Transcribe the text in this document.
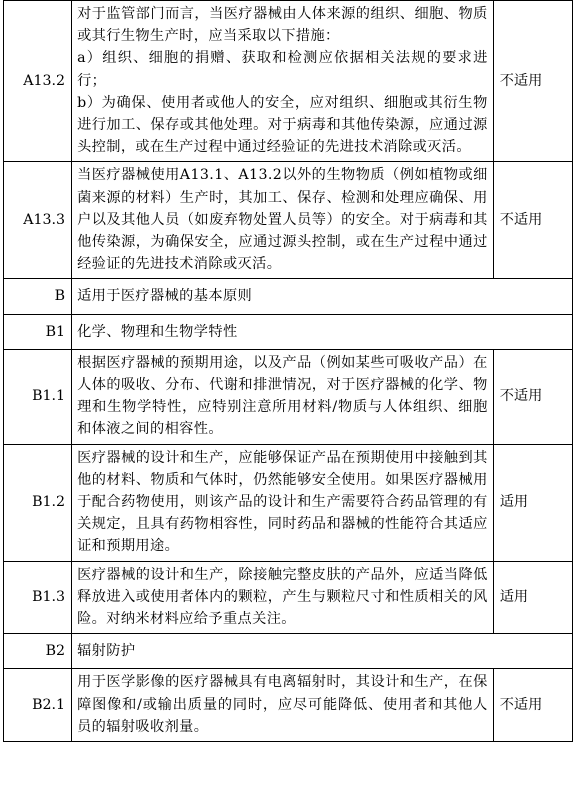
A13.2	对于监管部门而言，当医疗器械由人体来源的组织、细胞、物质或其行生物生产时，应当采取以下措施：
a）组织、细胞的捐赠、获取和检测应依据相关法规的要求进行；
b）为确保、使用者或他人的安全，应对组织、细胞或其衍生物进行加工、保存或其他处理。对于病毒和其他传染源，应通过源头控制，或在生产过程中通过经验证的先进技术消除或灭活。	不适用
A13.3	当医疗器械使用A13.1、A13.2以外的生物物质（例如植物或细菌来源的材料）生产时，其加工、保存、检测和处理应确保、用户以及其他人员（如废弃物处置人员等）的安全。对于病毒和其他传染源，为确保安全，应通过源头控制，或在生产过程中通过经验证的先进技术消除或灭活。	不适用
B	适用于医疗器械的基本原则	

B1	化学、物理和生物学特性	

B1.1	根据医疗器械的预期用途，以及产品（例如某些可吸收产品）在人体的吸收、分布、代谢和排泄情况，对于医疗器械的化学、物理和生物学特性，应特别注意所用材料/物质与人体组织、细胞和体液之间的相容性。	不适用
B1.2	医疗器械的设计和生产，应能够保证产品在预期使用中接触到其他的材料、物质和气体时，仍然能够安全使用。如果医疗器械用于配合药物使用，则该产品的设计和生产需要符合药品管理的有关规定，且具有药物相容性，同时药品和器械的性能符合其适应证和预期用途。	适用
B1.3	医疗器械的设计和生产，除接触完整皮肤的产品外，应适当降低释放进入或使用者体内的颗粒，产生与颗粒尺寸和性质相关的风险。对纳米材料应给予重点关注。	适用
B2	辐射防护	

B2.1	用于医学影像的医疗器械具有电离辐射时，其设计和生产，在保障图像和/或输出质量的同时，应尽可能降低、使用者和其他人员的辐射吸收剂量。	不适用
